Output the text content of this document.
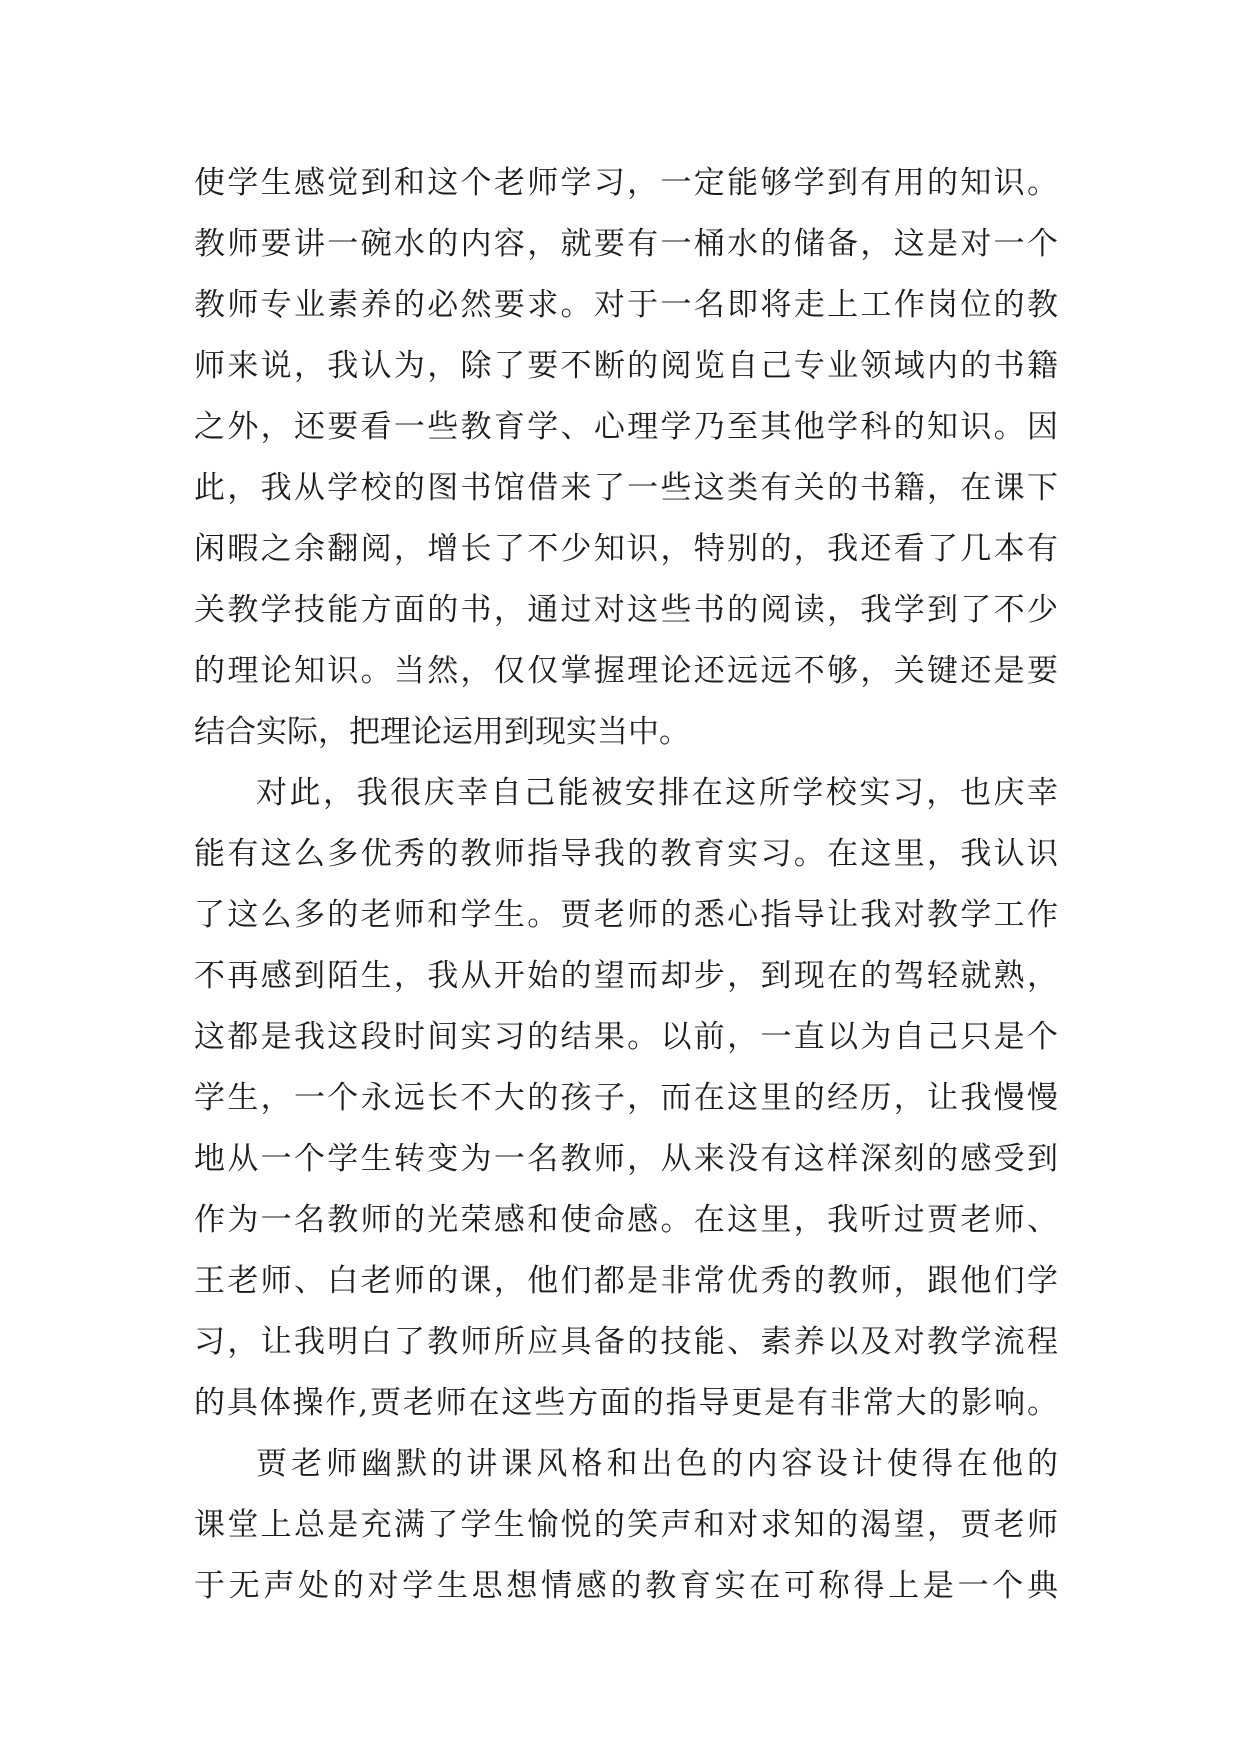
使学生感觉到和这个老师学习，一定能够学到有用的知识。
教师要讲一碗水的内容，就要有一桶水的储备，这是对一个
教师专业素养的必然要求。对于一名即将走上工作岗位的教
师来说，我认为，除了要不断的阅览自己专业领域内的书籍
之外，还要看一些教育学、心理学乃至其他学科的知识。因
此，我从学校的图书馆借来了一些这类有关的书籍，在课下
闲暇之余翻阅，增长了不少知识，特别的，我还看了几本有
关教学技能方面的书，通过对这些书的阅读，我学到了不少
的理论知识。当然，仅仅掌握理论还远远不够，关键还是要
结合实际，把理论运用到现实当中。
对此，我很庆幸自己能被安排在这所学校实习，也庆幸
能有这么多优秀的教师指导我的教育实习。在这里，我认识
了这么多的老师和学生。贾老师的悉心指导让我对教学工作
不再感到陌生，我从开始的望而却步，到现在的驾轻就熟，
这都是我这段时间实习的结果。以前，一直以为自己只是个
学生，一个永远长不大的孩子，而在这里的经历，让我慢慢
地从一个学生转变为一名教师，从来没有这样深刻的感受到
作为一名教师的光荣感和使命感。在这里，我听过贾老师、
王老师、白老师的课，他们都是非常优秀的教师，跟他们学
习，让我明白了教师所应具备的技能、素养以及对教学流程
的具体操作,贾老师在这些方面的指导更是有非常大的影响。
贾老师幽默的讲课风格和出色的内容设计使得在他的
课堂上总是充满了学生愉悦的笑声和对求知的渴望，贾老师
于无声处的对学生思想情感的教育实在可称得上是一个典
